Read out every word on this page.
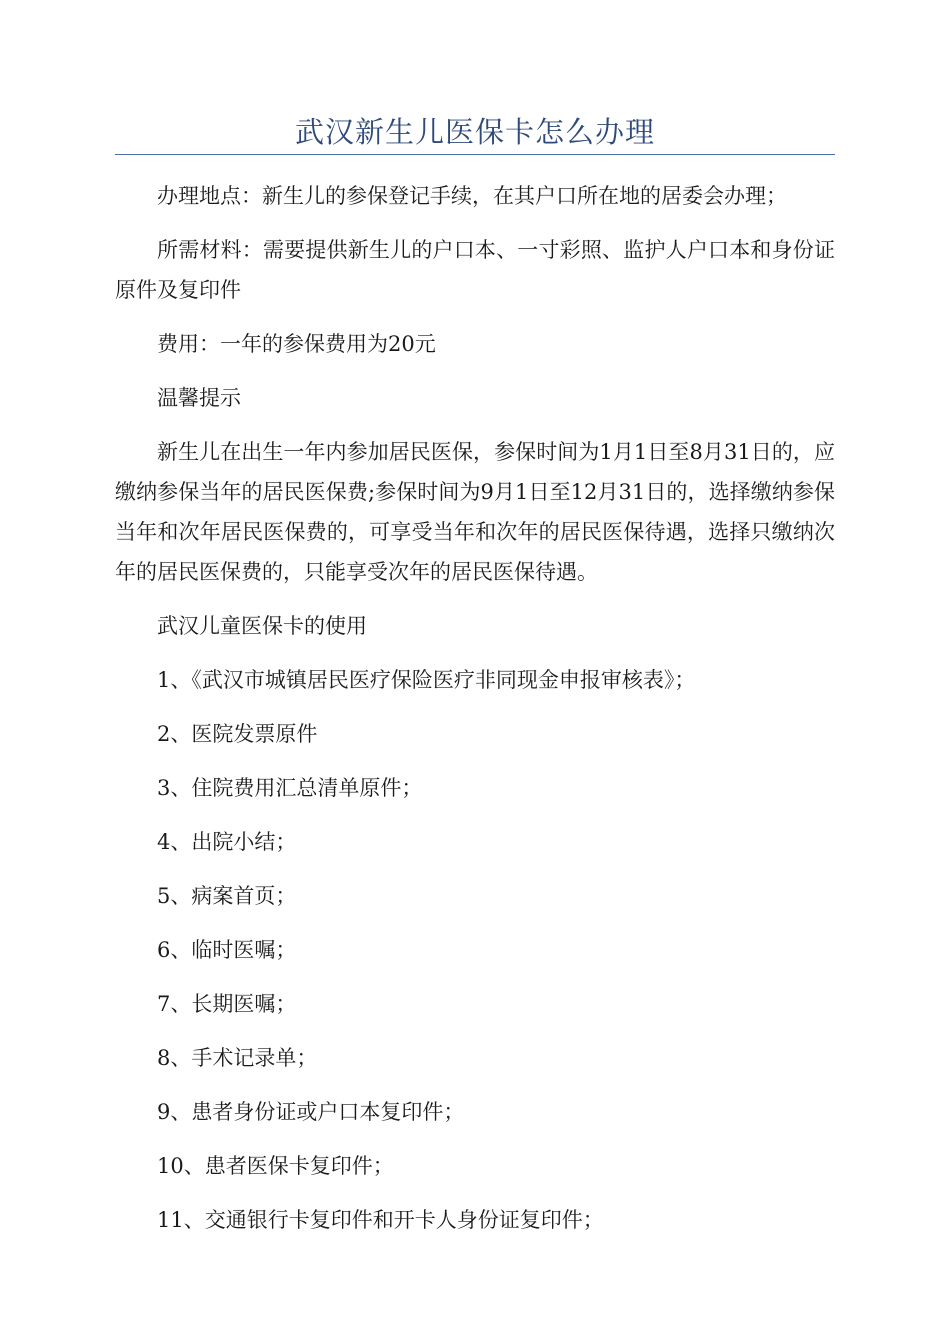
武汉新生儿医保卡怎么办理

办理地点：新生儿的参保登记手续，在其户口所在地的居委会办理；

所需材料：需要提供新生儿的户口本、一寸彩照、监护人户口本和身份证原件及复印件

费用：一年的参保费用为20元

温馨提示

新生儿在出生一年内参加居民医保，参保时间为1月1日至8月31日的，应缴纳参保当年的居民医保费;参保时间为9月1日至12月31日的，选择缴纳参保当年和次年居民医保费的，可享受当年和次年的居民医保待遇，选择只缴纳次年的居民医保费的，只能享受次年的居民医保待遇。

武汉儿童医保卡的使用

1、《武汉市城镇居民医疗保险医疗非同现金申报审核表》；

2、医院发票原件

3、住院费用汇总清单原件；

4、出院小结；

5、病案首页；

6、临时医嘱；

7、长期医嘱；

8、手术记录单；

9、患者身份证或户口本复印件；

10、患者医保卡复印件；

11、交通银行卡复印件和开卡人身份证复印件；
